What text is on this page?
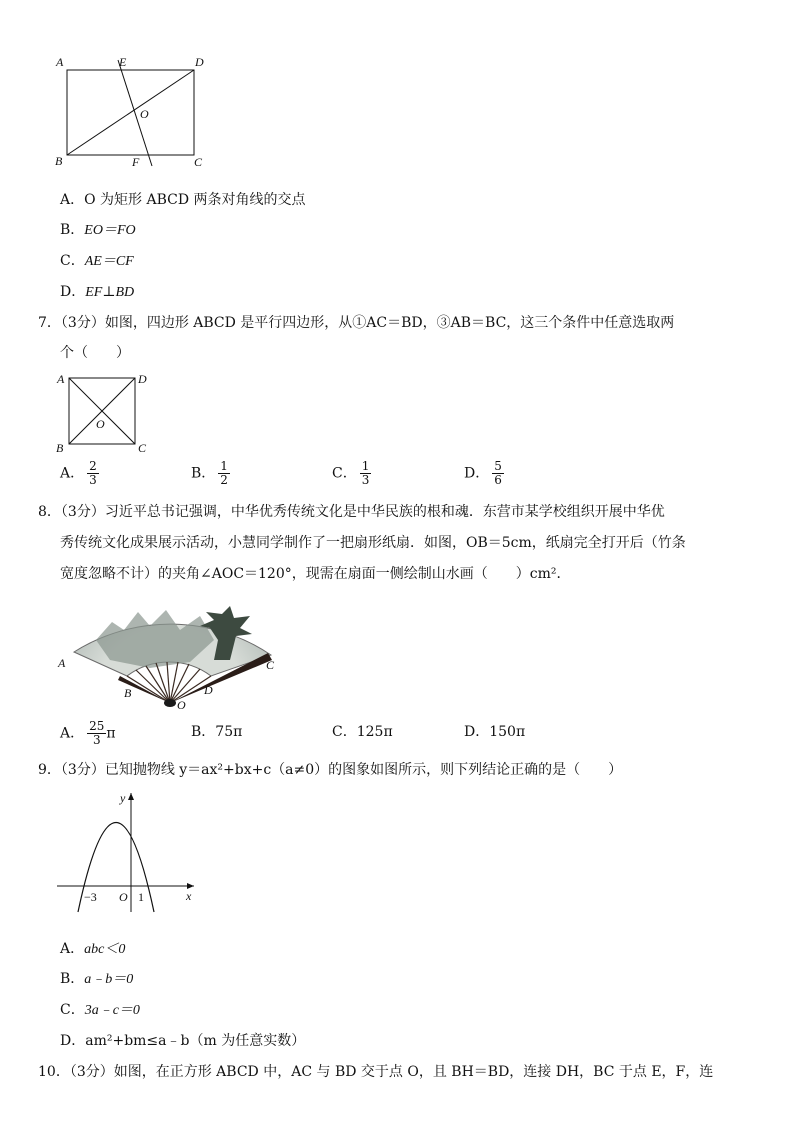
A	E	D
O
B	F	C
A．O 为矩形 ABCD 两条对角线的交点
B．EO＝FO
C．AE＝CF
D．EF⊥BD
7．（3分）如图，四边形 ABCD 是平行四边形，从①AC＝BD，③AB＝BC，这三个条件中任意选取两
个（　　）
A	D
O
B	C
A． $\frac{2}{3}$	B． $\frac{1}{2}$	C． $\frac{1}{3}$	D． $\frac{5}{6}$
8．（3分）习近平总书记强调，中华优秀传统文化是中华民族的根和魂．东营市某学校组织开展中华优
秀传统文化成果展示活动，小慧同学制作了一把扇形纸扇．如图，OB＝5cm，纸扇完全打开后（竹条
宽度忽略不计）的夹角∠AOC＝120°，现需在扇面一侧绘制山水画（　　）cm²．
A
B
C
D
O
A． $\frac{25}{3}$ π	B．75π	C．125π	D．150π
9．（3分）已知抛物线 y＝ax²+bx+c（a≠0）的图象如图所示，则下列结论正确的是（　　）
y
x
−3 O 1
A．abc＜0
B．a﹣b＝0
C．3a﹣c＝0
D．am²+bm≤a﹣b（m 为任意实数）
10．（3分）如图，在正方形 ABCD 中，AC 与 BD 交于点 O，且 BH＝BD，连接 DH，BC 于点 E，F，连
